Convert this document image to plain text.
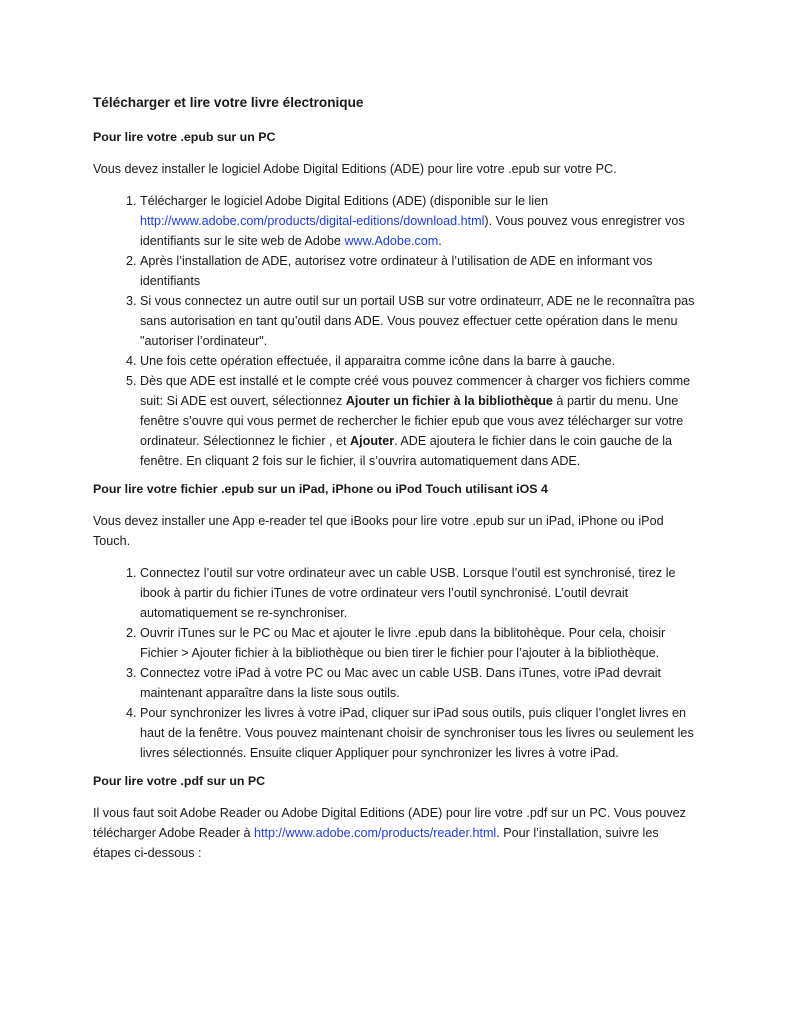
Télécharger et lire votre livre électronique
Pour lire votre .epub sur un PC

Vous devez installer le logiciel Adobe Digital Editions (ADE) pour lire votre .epub sur votre PC.

1. Télécharger le logiciel Adobe Digital Editions (ADE) (disponible sur le lien http://www.adobe.com/products/digital-editions/download.html). Vous pouvez vous enregistrer vos identifiants sur le site web de Adobe www.Adobe.com.
2. Après l’installation de ADE, autorisez votre ordinateur à l’utilisation de ADE en informant vos identifiants
3. Si vous connectez un autre outil sur un portail USB sur votre ordinateurr, ADE ne le reconnaîtra pas sans autorisation en tant qu’outil dans ADE. Vous pouvez effectuer cette opération dans le menu "autoriser l’ordinateur".
4. Une fois cette opération effectuée, il apparaitra comme icône dans la barre à gauche.
5. Dès que ADE est installé et le compte créé vous pouvez commencer à charger vos fichiers comme suit: Si ADE est ouvert, sélectionnez Ajouter un fichier à la bibliothèque à partir du menu. Une fenêtre s’ouvre qui vous permet de rechercher le fichier epub que vous avez télécharger sur votre ordinateur. Sélectionnez le fichier , et Ajouter. ADE ajoutera le fichier dans le coin gauche de la fenêtre. En cliquant 2 fois sur le fichier, il s’ouvrira automatiquement dans ADE.
Pour lire votre fichier .epub sur un iPad, iPhone ou iPod Touch utilisant iOS 4

Vous devez installer une App e-reader tel que iBooks pour lire votre .epub sur un iPad, iPhone ou iPod Touch.

1. Connectez l’outil sur votre ordinateur avec un cable USB. Lorsque l’outil est synchronisé, tirez le ibook à partir du fichier iTunes de votre ordinateur vers l’outil synchronisé. L’outil devrait automatiquement se re-synchroniser.
2. Ouvrir iTunes sur le PC ou Mac et ajouter le livre .epub dans la biblitohèque. Pour cela, choisir Fichier > Ajouter fichier à la bibliothèque ou bien tirer le fichier pour l’ajouter à la bibliothèque.
3. Connectez votre iPad à votre PC ou Mac avec un cable USB. Dans iTunes, votre iPad devrait maintenant apparaître dans la liste sous outils.
4. Pour synchronizer les livres à votre iPad, cliquer sur iPad sous outils, puis cliquer l’onglet livres en haut de la fenêtre. Vous pouvez maintenant choisir de synchroniser tous les livres ou seulement les livres sélectionnés. Ensuite cliquer Appliquer pour synchronizer les livres à votre iPad.
Pour lire votre .pdf sur un PC

Il vous faut soit Adobe Reader ou Adobe Digital Editions (ADE) pour lire votre .pdf sur un PC. Vous pouvez télécharger Adobe Reader à http://www.adobe.com/products/reader.html. Pour l’installation, suivre les étapes ci-dessous :
